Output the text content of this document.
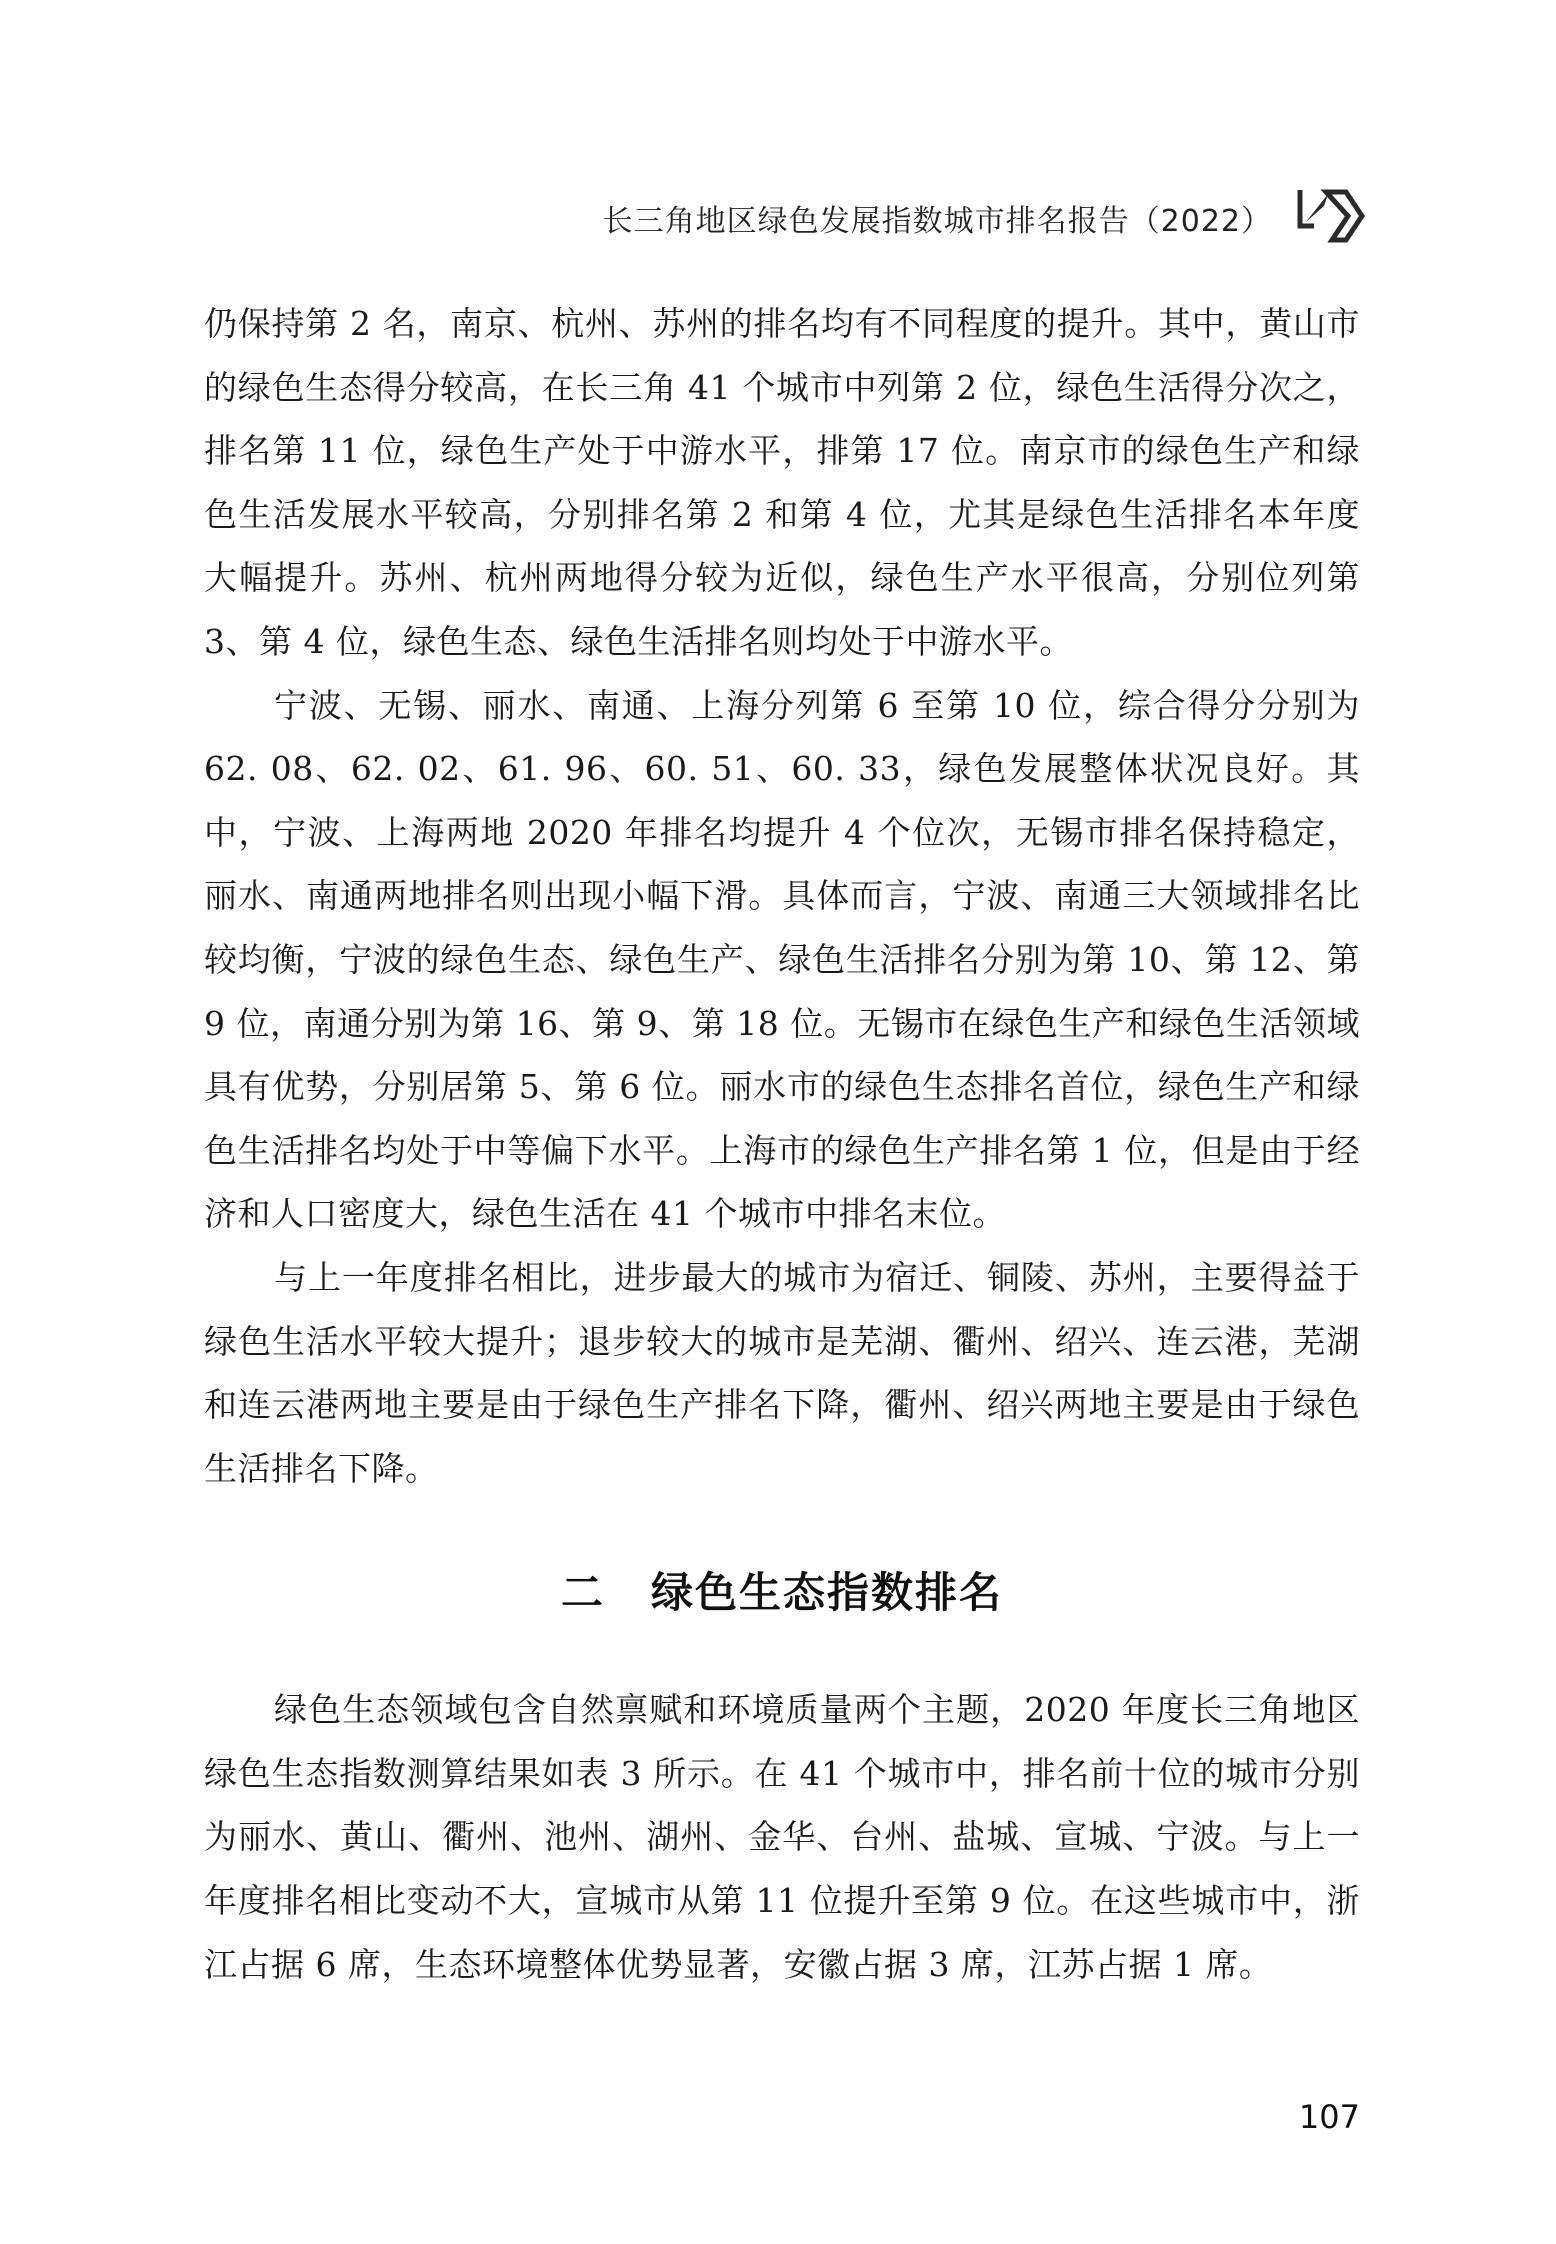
长三角地区绿色发展指数城市排名报告（2022）

仍保持第 2 名，南京、杭州、苏州的排名均有不同程度的提升。其中，黄山市的绿色生态得分较高，在长三角 41 个城市中列第 2 位，绿色生活得分次之，排名第 11 位，绿色生产处于中游水平，排第 17 位。南京市的绿色生产和绿色生活发展水平较高，分别排名第 2 和第 4 位，尤其是绿色生活排名本年度大幅提升。苏州、杭州两地得分较为近似，绿色生产水平很高，分别位列第 3、第 4 位，绿色生态、绿色生活排名则均处于中游水平。

宁波、无锡、丽水、南通、上海分列第 6 至第 10 位，综合得分分别为 62. 08、62. 02、61. 96、60. 51、60. 33，绿色发展整体状况良好。其中，宁波、上海两地 2020 年排名均提升 4 个位次，无锡市排名保持稳定，丽水、南通两地排名则出现小幅下滑。具体而言，宁波、南通三大领域排名比较均衡，宁波的绿色生态、绿色生产、绿色生活排名分别为第 10、第 12、第 9 位，南通分别为第 16、第 9、第 18 位。无锡市在绿色生产和绿色生活领域具有优势，分别居第 5、第 6 位。丽水市的绿色生态排名首位，绿色生产和绿色生活排名均处于中等偏下水平。上海市的绿色生产排名第 1 位，但是由于经济和人口密度大，绿色生活在 41 个城市中排名末位。

与上一年度排名相比，进步最大的城市为宿迁、铜陵、苏州，主要得益于绿色生活水平较大提升；退步较大的城市是芜湖、衢州、绍兴、连云港，芜湖和连云港两地主要是由于绿色生产排名下降，衢州、绍兴两地主要是由于绿色生活排名下降。

二 绿色生态指数排名

绿色生态领域包含自然禀赋和环境质量两个主题，2020 年度长三角地区绿色生态指数测算结果如表 3 所示。在 41 个城市中，排名前十位的城市分别为丽水、黄山、衢州、池州、湖州、金华、台州、盐城、宣城、宁波。与上一年度排名相比变动不大，宣城市从第 11 位提升至第 9 位。在这些城市中，浙江占据 6 席，生态环境整体优势显著，安徽占据 3 席，江苏占据 1 席。

107
